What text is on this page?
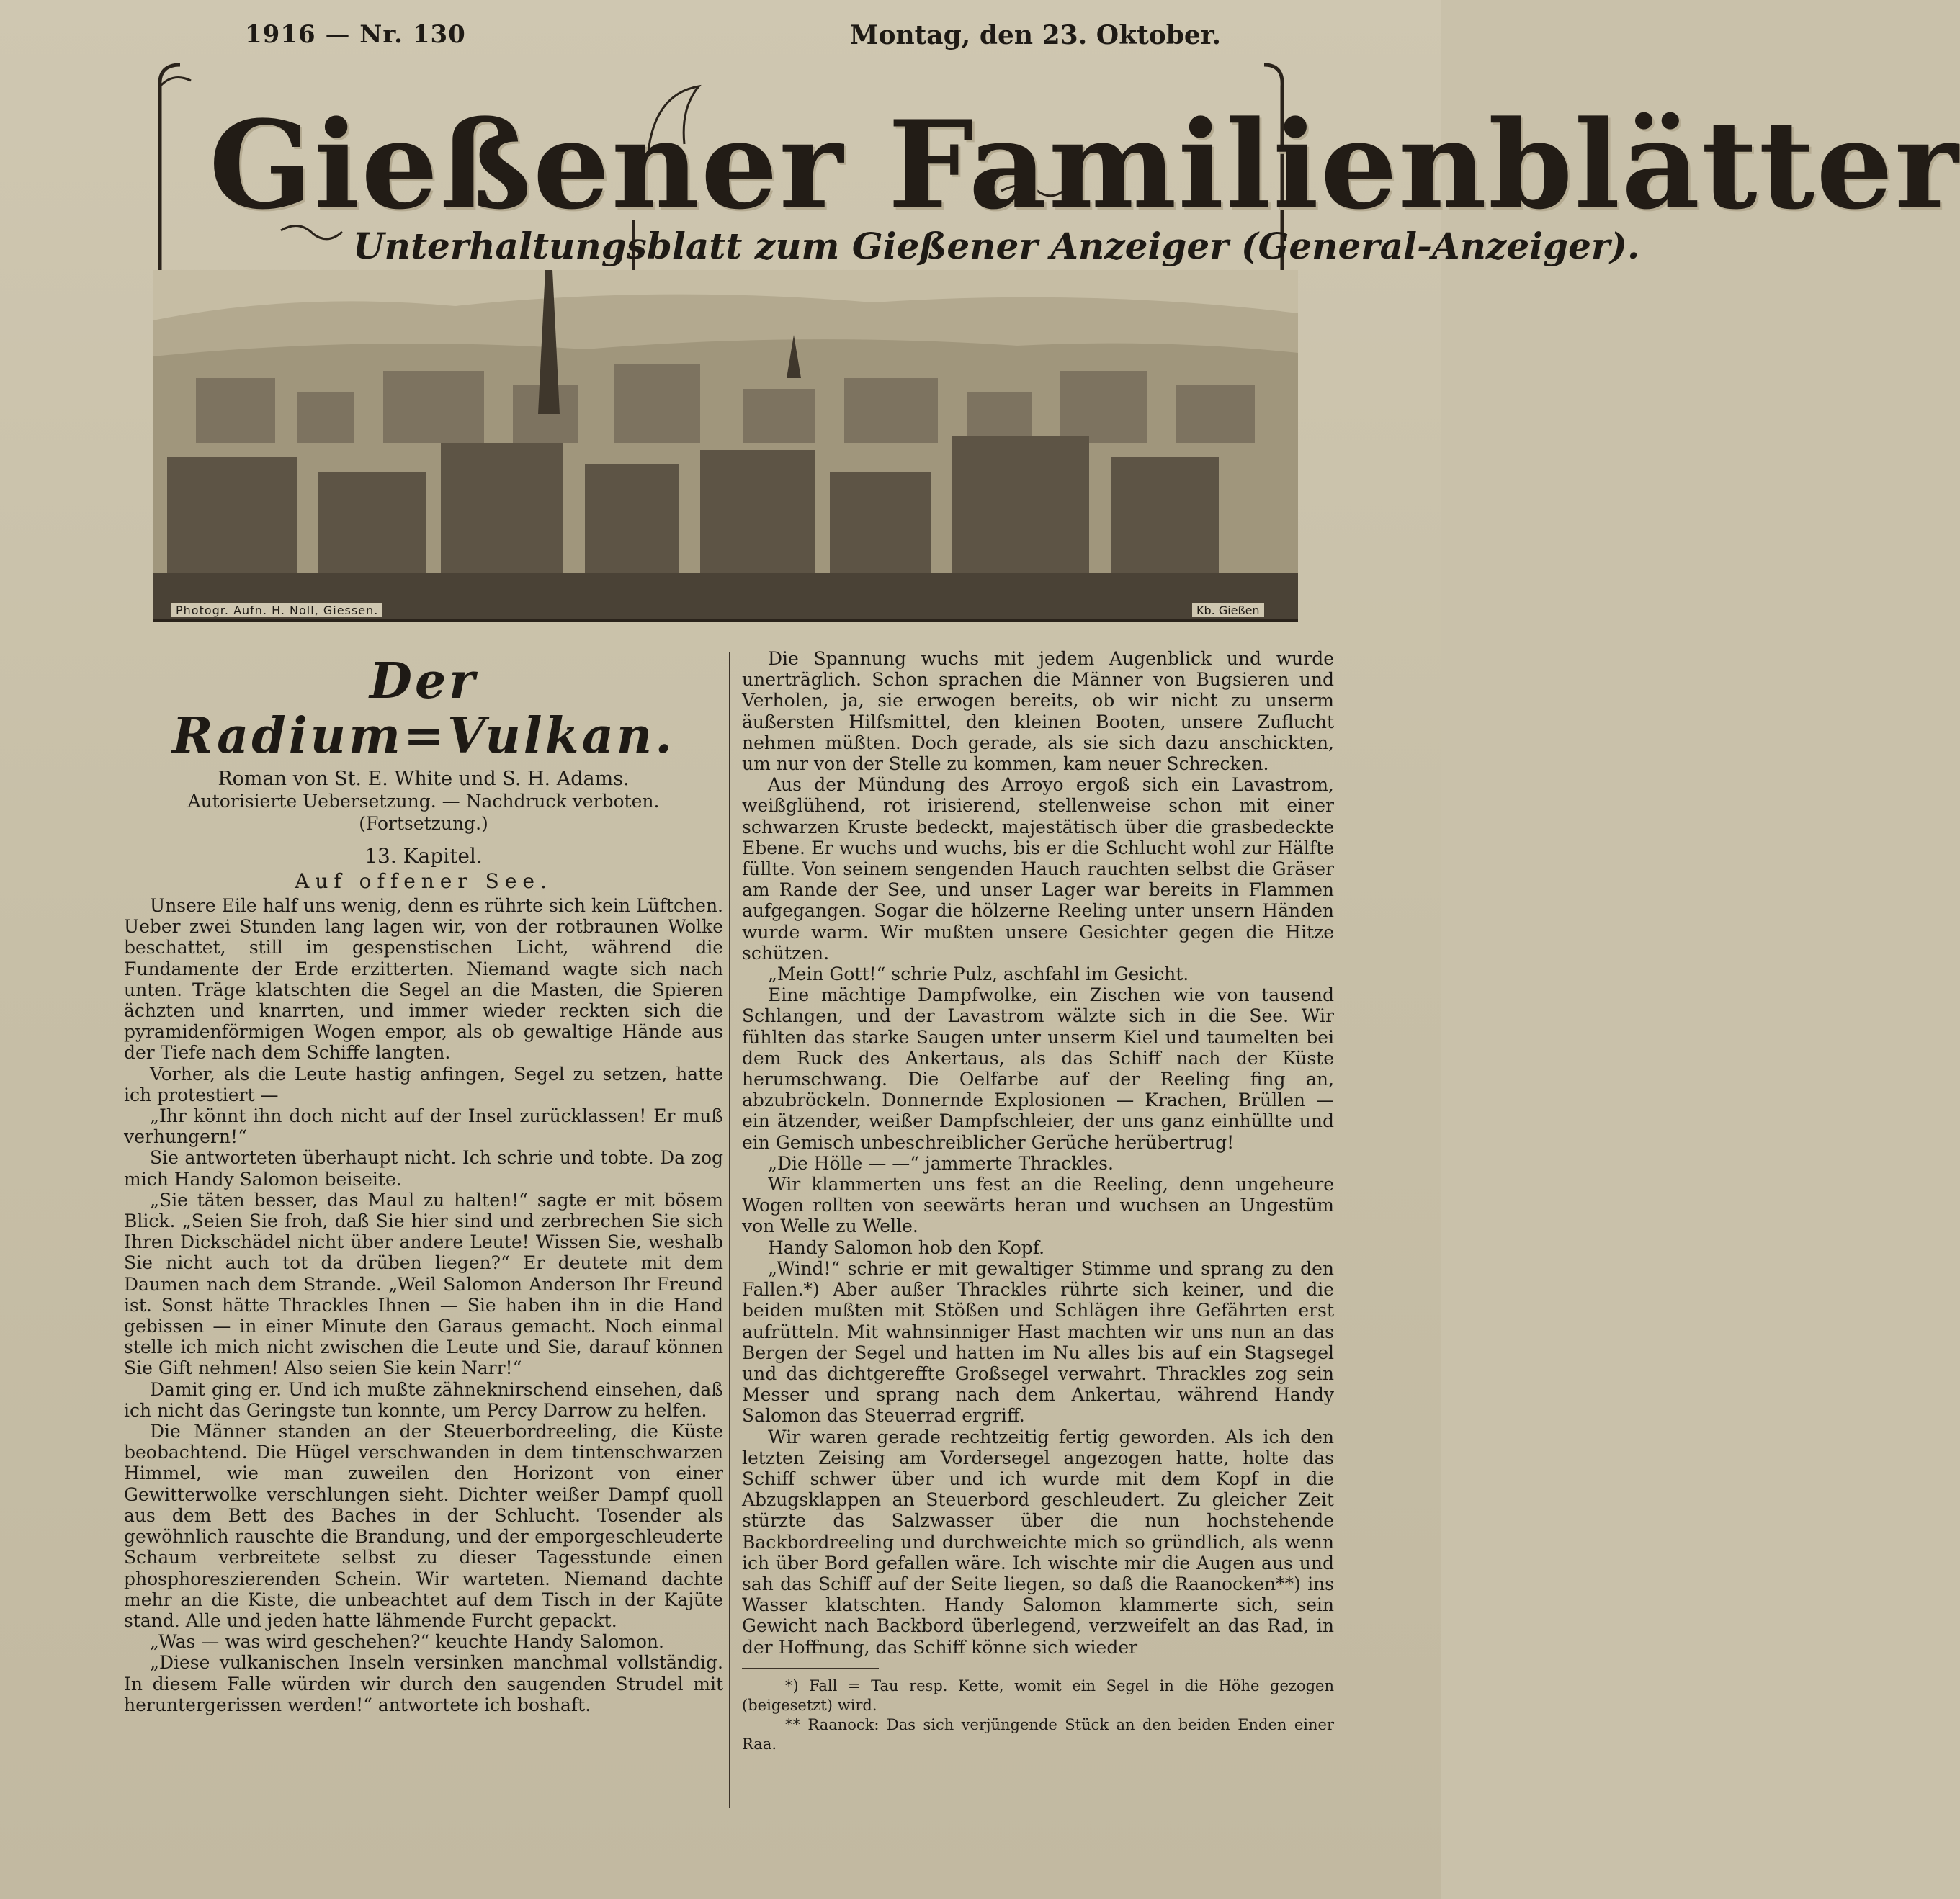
1916 — Nr. 130	Montag, den 23. Oktober.
Gießener Familienblätter
Unterhaltungsblatt zum Gießener Anzeiger (General-Anzeiger).
Photogr. Aufn. H. Noll, Giessen.	Kb. Gießen
Der Radium=Vulkan.
Roman von St. E. White und S. H. Adams.
Autorisierte Uebersetzung. — Nachdruck verboten.
(Fortsetzung.)
13. Kapitel.
Auf offener See.

Unsere Eile half uns wenig, denn es rührte sich kein Lüftchen. Ueber zwei Stunden lang lagen wir, von der rotbraunen Wolke beschattet, still im gespenstischen Licht, während die Fundamente der Erde erzitterten. Niemand wagte sich nach unten. Träge klatschten die Segel an die Masten, die Spieren ächzten und knarrten, und immer wieder reckten sich die pyramidenförmigen Wogen empor, als ob gewaltige Hände aus der Tiefe nach dem Schiffe langten.

Vorher, als die Leute hastig anfingen, Segel zu setzen, hatte ich protestiert —

„Ihr könnt ihn doch nicht auf der Insel zurücklassen! Er muß verhungern!“

Sie antworteten überhaupt nicht. Ich schrie und tobte. Da zog mich Handy Salomon beiseite.

„Sie täten besser, das Maul zu halten!“ sagte er mit bösem Blick. „Seien Sie froh, daß Sie hier sind und zerbrechen Sie sich Ihren Dickschädel nicht über andere Leute! Wissen Sie, weshalb Sie nicht auch tot da drüben liegen?“ Er deutete mit dem Daumen nach dem Strande. „Weil Salomon Anderson Ihr Freund ist. Sonst hätte Thrackles Ihnen — Sie haben ihn in die Hand gebissen — in einer Minute den Garaus gemacht. Noch einmal stelle ich mich nicht zwischen die Leute und Sie, darauf können Sie Gift nehmen! Also seien Sie kein Narr!“

Damit ging er. Und ich mußte zähneknirschend einsehen, daß ich nicht das Geringste tun konnte, um Percy Darrow zu helfen.

Die Männer standen an der Steuerbordreeling, die Küste beobachtend. Die Hügel verschwanden in dem tintenschwarzen Himmel, wie man zuweilen den Horizont von einer Gewitterwolke verschlungen sieht. Dichter weißer Dampf quoll aus dem Bett des Baches in der Schlucht. Tosender als gewöhnlich rauschte die Brandung, und der emporgeschleuderte Schaum verbreitete selbst zu dieser Tagesstunde einen phosphoreszierenden Schein. Wir warteten. Niemand dachte mehr an die Kiste, die unbeachtet auf dem Tisch in der Kajüte stand. Alle und jeden hatte lähmende Furcht gepackt.

„Was — was wird geschehen?“ keuchte Handy Salomon.

„Diese vulkanischen Inseln versinken manchmal vollständig. In diesem Falle würden wir durch den saugenden Strudel mit heruntergerissen werden!“ antwortete ich boshaft.

Die Spannung wuchs mit jedem Augenblick und wurde unerträglich. Schon sprachen die Männer von Bugsieren und Verholen, ja, sie erwogen bereits, ob wir nicht zu unserm äußersten Hilfsmittel, den kleinen Booten, unsere Zuflucht nehmen müßten. Doch gerade, als sie sich dazu anschickten, um nur von der Stelle zu kommen, kam neuer Schrecken.

Aus der Mündung des Arroyo ergoß sich ein Lavastrom, weißglühend, rot irisierend, stellenweise schon mit einer schwarzen Kruste bedeckt, majestätisch über die grasbedeckte Ebene. Er wuchs und wuchs, bis er die Schlucht wohl zur Hälfte füllte. Von seinem sengenden Hauch rauchten selbst die Gräser am Rande der See, und unser Lager war bereits in Flammen aufgegangen. Sogar die hölzerne Reeling unter unsern Händen wurde warm. Wir mußten unsere Gesichter gegen die Hitze schützen.

„Mein Gott!“ schrie Pulz, aschfahl im Gesicht.

Eine mächtige Dampfwolke, ein Zischen wie von tausend Schlangen, und der Lavastrom wälzte sich in die See. Wir fühlten das starke Saugen unter unserm Kiel und taumelten bei dem Ruck des Ankertaus, als das Schiff nach der Küste herumschwang. Die Oelfarbe auf der Reeling fing an, abzubröckeln. Donnernde Explosionen — Krachen, Brüllen — ein ätzender, weißer Dampfschleier, der uns ganz einhüllte und ein Gemisch unbeschreiblicher Gerüche herübertrug!

„Die Hölle — —“ jammerte Thrackles.

Wir klammerten uns fest an die Reeling, denn ungeheure Wogen rollten von seewärts heran und wuchsen an Ungestüm von Welle zu Welle.

Handy Salomon hob den Kopf.

„Wind!“ schrie er mit gewaltiger Stimme und sprang zu den Fallen.*) Aber außer Thrackles rührte sich keiner, und die beiden mußten mit Stößen und Schlägen ihre Gefährten erst aufrütteln. Mit wahnsinniger Hast machten wir uns nun an das Bergen der Segel und hatten im Nu alles bis auf ein Stagsegel und das dichtgereffte Großsegel verwahrt. Thrackles zog sein Messer und sprang nach dem Ankertau, während Handy Salomon das Steuerrad ergriff.

Wir waren gerade rechtzeitig fertig geworden. Als ich den letzten Zeising am Vordersegel angezogen hatte, holte das Schiff schwer über und ich wurde mit dem Kopf in die Abzugsklappen an Steuerbord geschleudert. Zu gleicher Zeit stürzte das Salzwasser über die nun hochstehende Backbordreeling und durchweichte mich so gründlich, als wenn ich über Bord gefallen wäre. Ich wischte mir die Augen aus und sah das Schiff auf der Seite liegen, so daß die Raanocken**) ins Wasser klatschten. Handy Salomon klammerte sich, sein Gewicht nach Backbord überlegend, verzweifelt an das Rad, in der Hoffnung, das Schiff könne sich wieder

*) Fall = Tau resp. Kette, womit ein Segel in die Höhe gezogen (beigesetzt) wird.
** Raanock: Das sich verjüngende Stück an den beiden Enden einer Raa.
